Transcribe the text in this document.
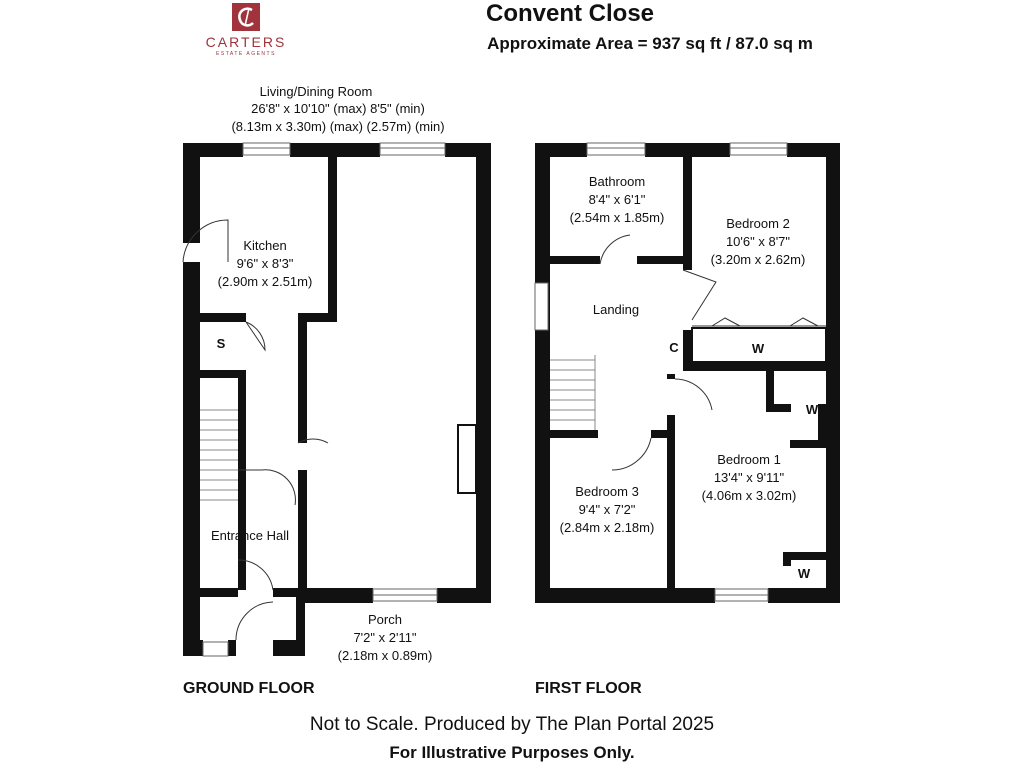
CARTERS
ESTATE AGENTS
Convent Close
Approximate Area = 937 sq ft / 87.0 sq m
Living/Dining Room
26'8" x 10'10" (max) 8'5" (min)
(8.13m x 3.30m) (max) (2.57m) (min)
Kitchen
9'6" x 8'3"
(2.90m x 2.51m)
S
Entrance Hall
Porch
7'2" x 2'11"
(2.18m x 0.89m)
Bathroom
8'4" x 6'1"
(2.54m x 1.85m)	Bedroom 2
10'6" x 8'7"
(3.20m x 2.62m)
Landing
C	W
W
W
Bedroom 1
13'4" x 9'11"
(4.06m x 3.02m)
Bedroom 3
9'4" x 7'2"
(2.84m x 2.18m)
GROUND FLOOR	FIRST FLOOR
Not to Scale. Produced by The Plan Portal 2025
For Illustrative Purposes Only.
